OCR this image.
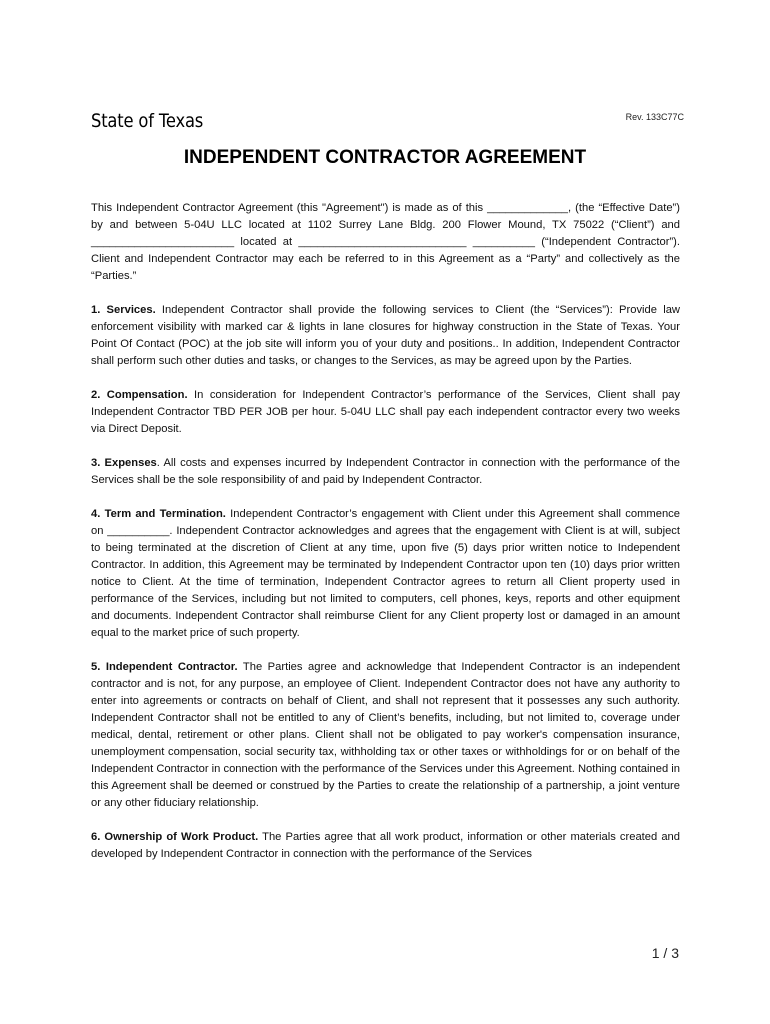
State of Texas	Rev. 133C77C
INDEPENDENT CONTRACTOR AGREEMENT

This Independent Contractor Agreement (this "Agreement") is made as of this _____________, (the “Effective Date”) by and between 5-04U LLC located at 1102 Surrey Lane Bldg. 200 Flower Mound, TX 75022 (“Client”) and _______________________ located at ___________________________ __________ (“Independent Contractor”). Client and Independent Contractor may each be referred to in this Agreement as a “Party” and collectively as the “Parties.”

1. Services. Independent Contractor shall provide the following services to Client (the “Services”): Provide law enforcement visibility with marked car & lights in lane closures for highway construction in the State of Texas. Your Point Of Contact (POC) at the job site will inform you of your duty and positions.. In addition, Independent Contractor shall perform such other duties and tasks, or changes to the Services, as may be agreed upon by the Parties.

2. Compensation. In consideration for Independent Contractor’s performance of the Services, Client shall pay Independent Contractor TBD PER JOB per hour. 5-04U LLC shall pay each independent contractor every two weeks via Direct Deposit.

3. Expenses. All costs and expenses incurred by Independent Contractor in connection with the performance of the Services shall be the sole responsibility of and paid by Independent Contractor.

4. Term and Termination. Independent Contractor’s engagement with Client under this Agreement shall commence on __________. Independent Contractor acknowledges and agrees that the engagement with Client is at will, subject to being terminated at the discretion of Client at any time, upon five (5) days prior written notice to Independent Contractor. In addition, this Agreement may be terminated by Independent Contractor upon ten (10) days prior written notice to Client. At the time of termination, Independent Contractor agrees to return all Client property used in performance of the Services, including but not limited to computers, cell phones, keys, reports and other equipment and documents. Independent Contractor shall reimburse Client for any Client property lost or damaged in an amount equal to the market price of such property.

5. Independent Contractor. The Parties agree and acknowledge that Independent Contractor is an independent contractor and is not, for any purpose, an employee of Client. Independent Contractor does not have any authority to enter into agreements or contracts on behalf of Client, and shall not represent that it possesses any such authority. Independent Contractor shall not be entitled to any of Client’s benefits, including, but not limited to, coverage under medical, dental, retirement or other plans. Client shall not be obligated to pay worker's compensation insurance, unemployment compensation, social security tax, withholding tax or other taxes or withholdings for or on behalf of the Independent Contractor in connection with the performance of the Services under this Agreement. Nothing contained in this Agreement shall be deemed or construed by the Parties to create the relationship of a partnership, a joint venture or any other fiduciary relationship.

6. Ownership of Work Product. The Parties agree that all work product, information or other materials created and developed by Independent Contractor in connection with the performance of the Services

1 / 3
